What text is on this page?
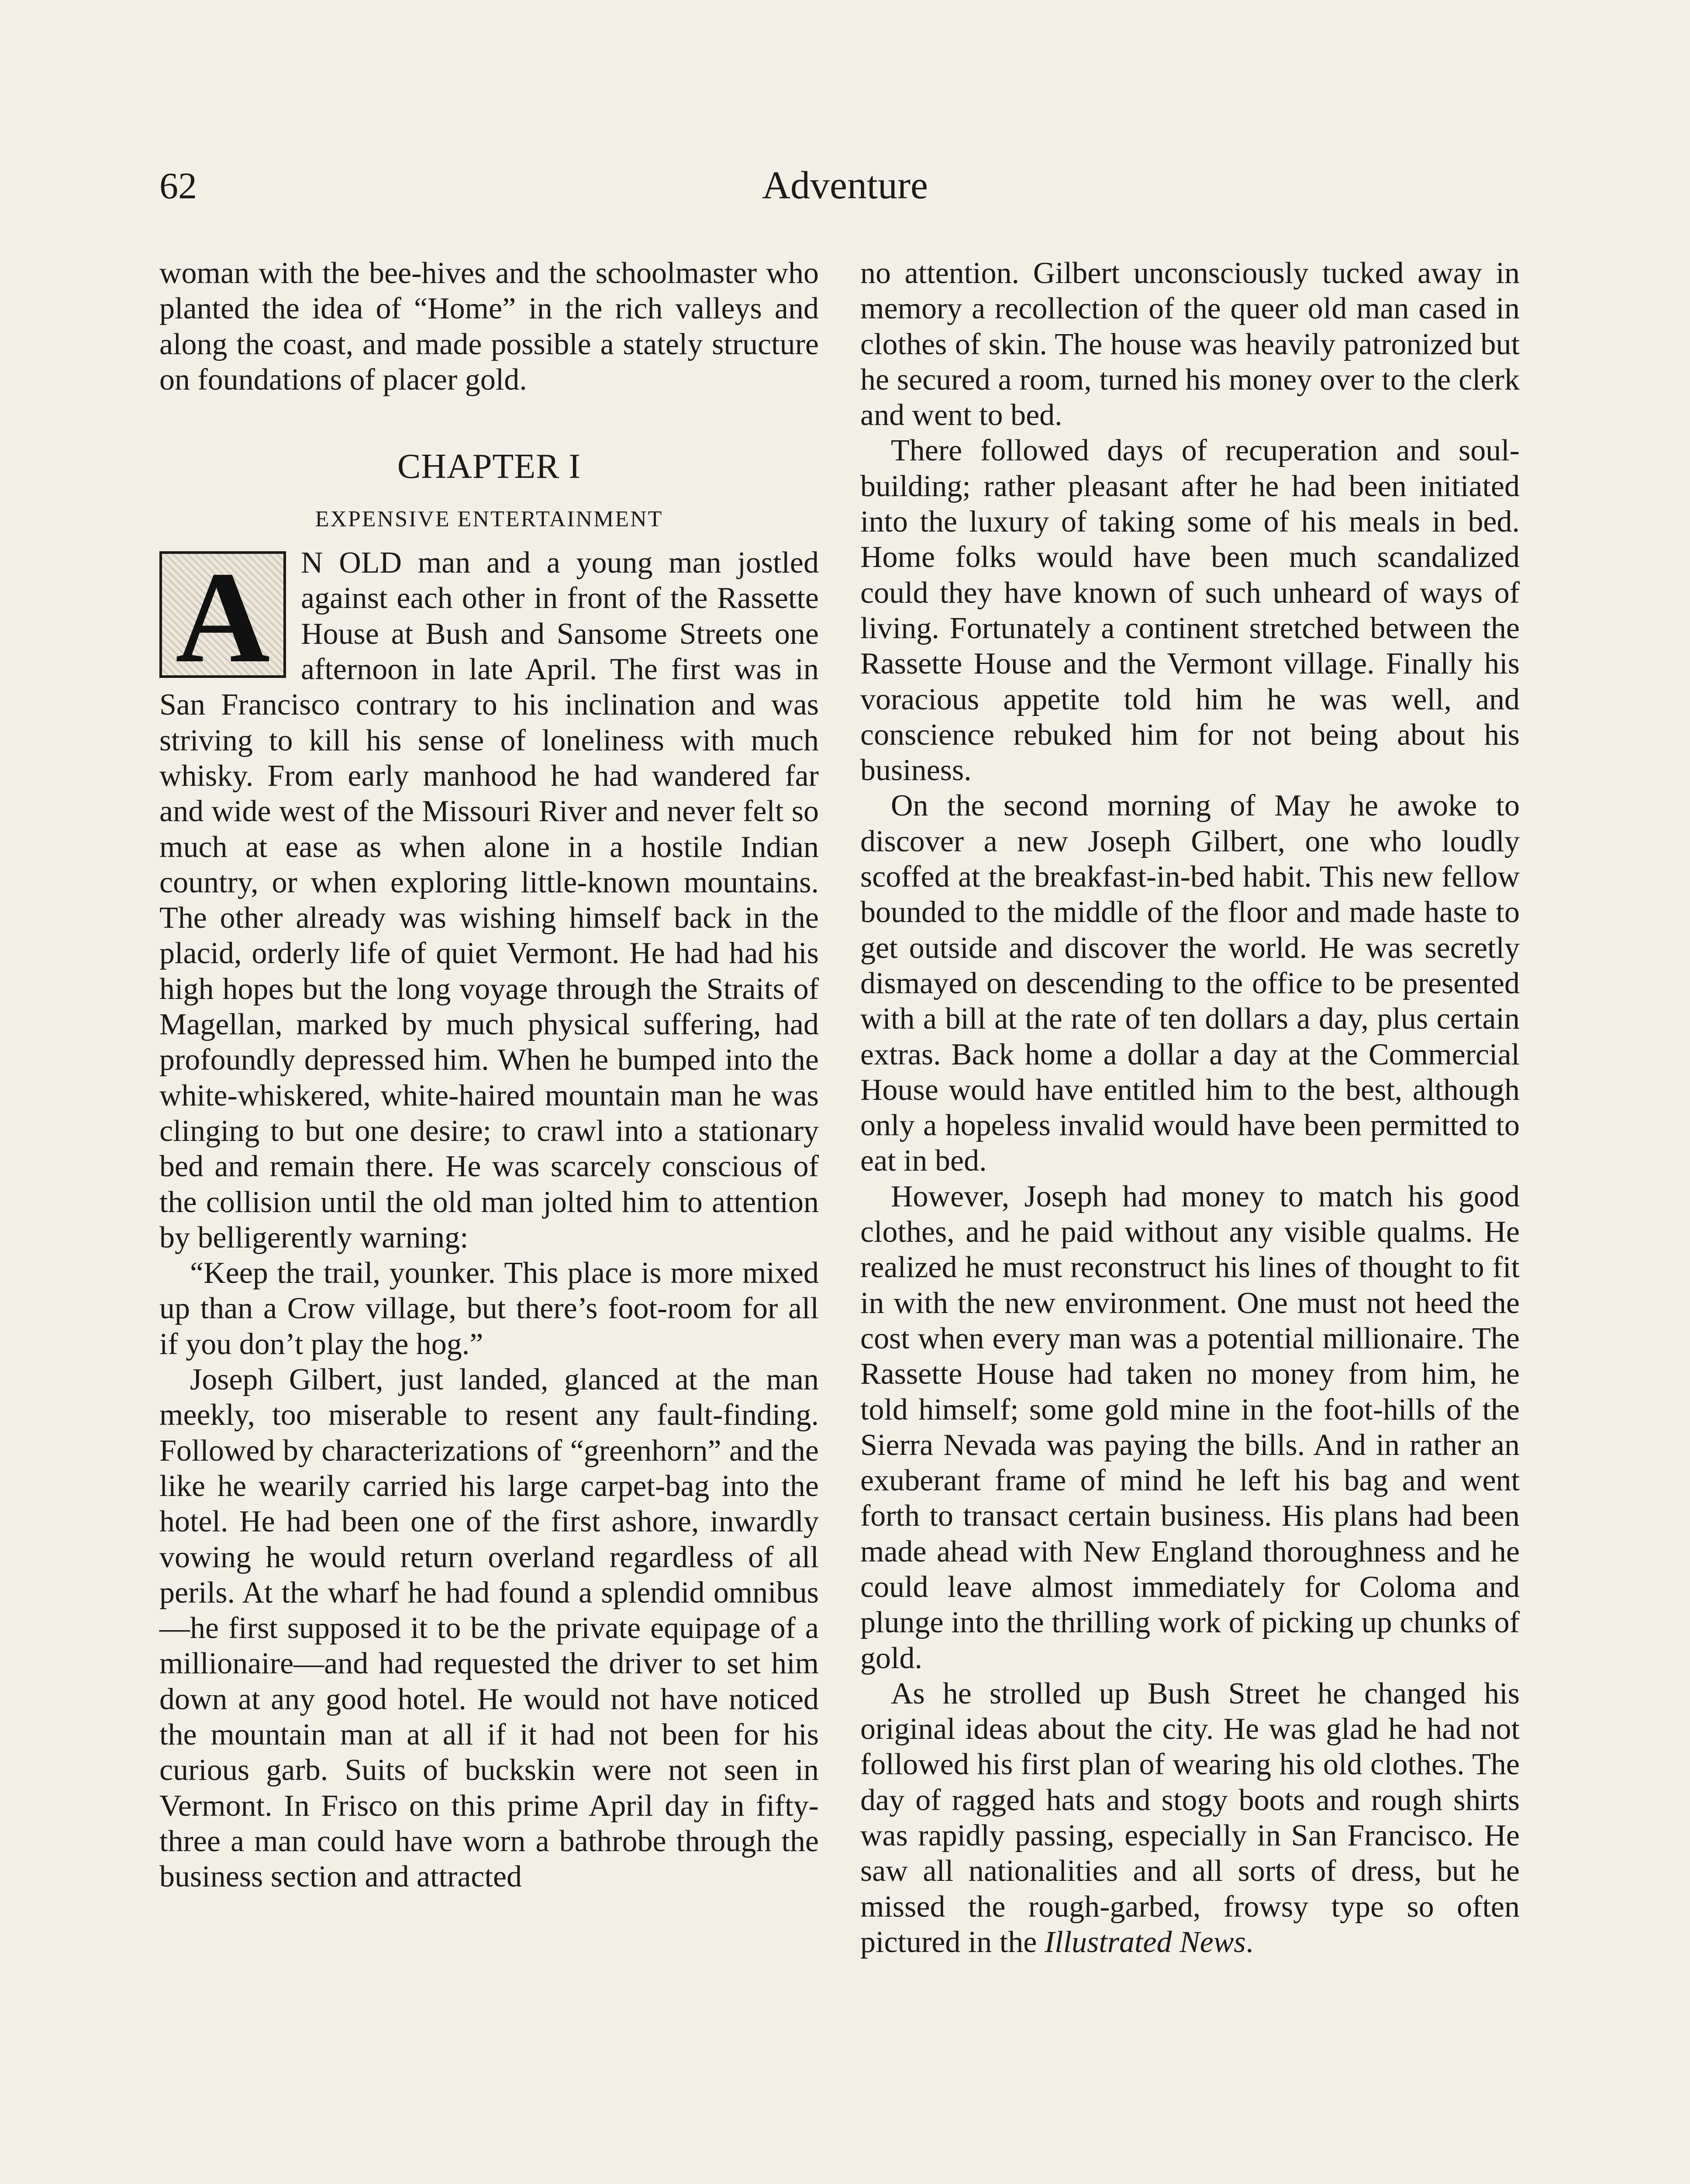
62	Adventure

woman with the bee-hives and the schoolmaster who planted the idea of “Home” in the rich valleys and along the coast, and made possible a stately structure on foundations of placer gold.

CHAPTER I
EXPENSIVE ENTERTAINMENT

A	N OLD man and a young man jostled against each other in front of the Rassette House at Bush and Sansome Streets one afternoon in late April. The first was in San Francisco contrary to his inclination and was striving to kill his sense of loneliness with much whisky. From early manhood he had wandered far and wide west of the Missouri River and never felt so much at ease as when alone in a hostile Indian country, or when exploring little-known mountains. The other already was wishing himself back in the placid, orderly life of quiet Vermont. He had had his high hopes but the long voyage through the Straits of Magellan, marked by much physical suffering, had profoundly depressed him. When he bumped into the white-whiskered, white-haired mountain man he was clinging to but one desire; to crawl into a stationary bed and remain there. He was scarcely conscious of the collision until the old man jolted him to attention by belligerently warning:

“Keep the trail, younker. This place is more mixed up than a Crow village, but there’s foot-room for all if you don’t play the hog.”

Joseph Gilbert, just landed, glanced at the man meekly, too miserable to resent any fault-finding. Followed by characterizations of “greenhorn” and the like he wearily carried his large carpet-bag into the hotel. He had been one of the first ashore, inwardly vowing he would return overland regardless of all perils. At the wharf he had found a splendid omnibus—he first supposed it to be the private equipage of a millionaire—and had requested the driver to set him down at any good hotel. He would not have noticed the mountain man at all if it had not been for his curious garb. Suits of buckskin were not seen in Vermont. In Frisco on this prime April day in fifty-three a man could have worn a bathrobe through the business section and attracted

no attention. Gilbert unconsciously tucked away in memory a recollection of the queer old man cased in clothes of skin. The house was heavily patronized but he secured a room, turned his money over to the clerk and went to bed.

There followed days of recuperation and soul-building; rather pleasant after he had been initiated into the luxury of taking some of his meals in bed. Home folks would have been much scandalized could they have known of such unheard of ways of living. Fortunately a continent stretched between the Rassette House and the Vermont village. Finally his voracious appetite told him he was well, and conscience rebuked him for not being about his business.

On the second morning of May he awoke to discover a new Joseph Gilbert, one who loudly scoffed at the breakfast-in-bed habit. This new fellow bounded to the middle of the floor and made haste to get outside and discover the world. He was secretly dismayed on descending to the office to be presented with a bill at the rate of ten dollars a day, plus certain extras. Back home a dollar a day at the Commercial House would have entitled him to the best, although only a hopeless invalid would have been permitted to eat in bed.

However, Joseph had money to match his good clothes, and he paid without any visible qualms. He realized he must reconstruct his lines of thought to fit in with the new environment. One must not heed the cost when every man was a potential millionaire. The Rassette House had taken no money from him, he told himself; some gold mine in the foot-hills of the Sierra Nevada was paying the bills. And in rather an exuberant frame of mind he left his bag and went forth to transact certain business. His plans had been made ahead with New England thoroughness and he could leave almost immediately for Coloma and plunge into the thrilling work of picking up chunks of gold.

As he strolled up Bush Street he changed his original ideas about the city. He was glad he had not followed his first plan of wearing his old clothes. The day of ragged hats and stogy boots and rough shirts was rapidly passing, especially in San Francisco. He saw all nationalities and all sorts of dress, but he missed the rough-garbed, frowsy type so often pictured in the Illustrated News.
